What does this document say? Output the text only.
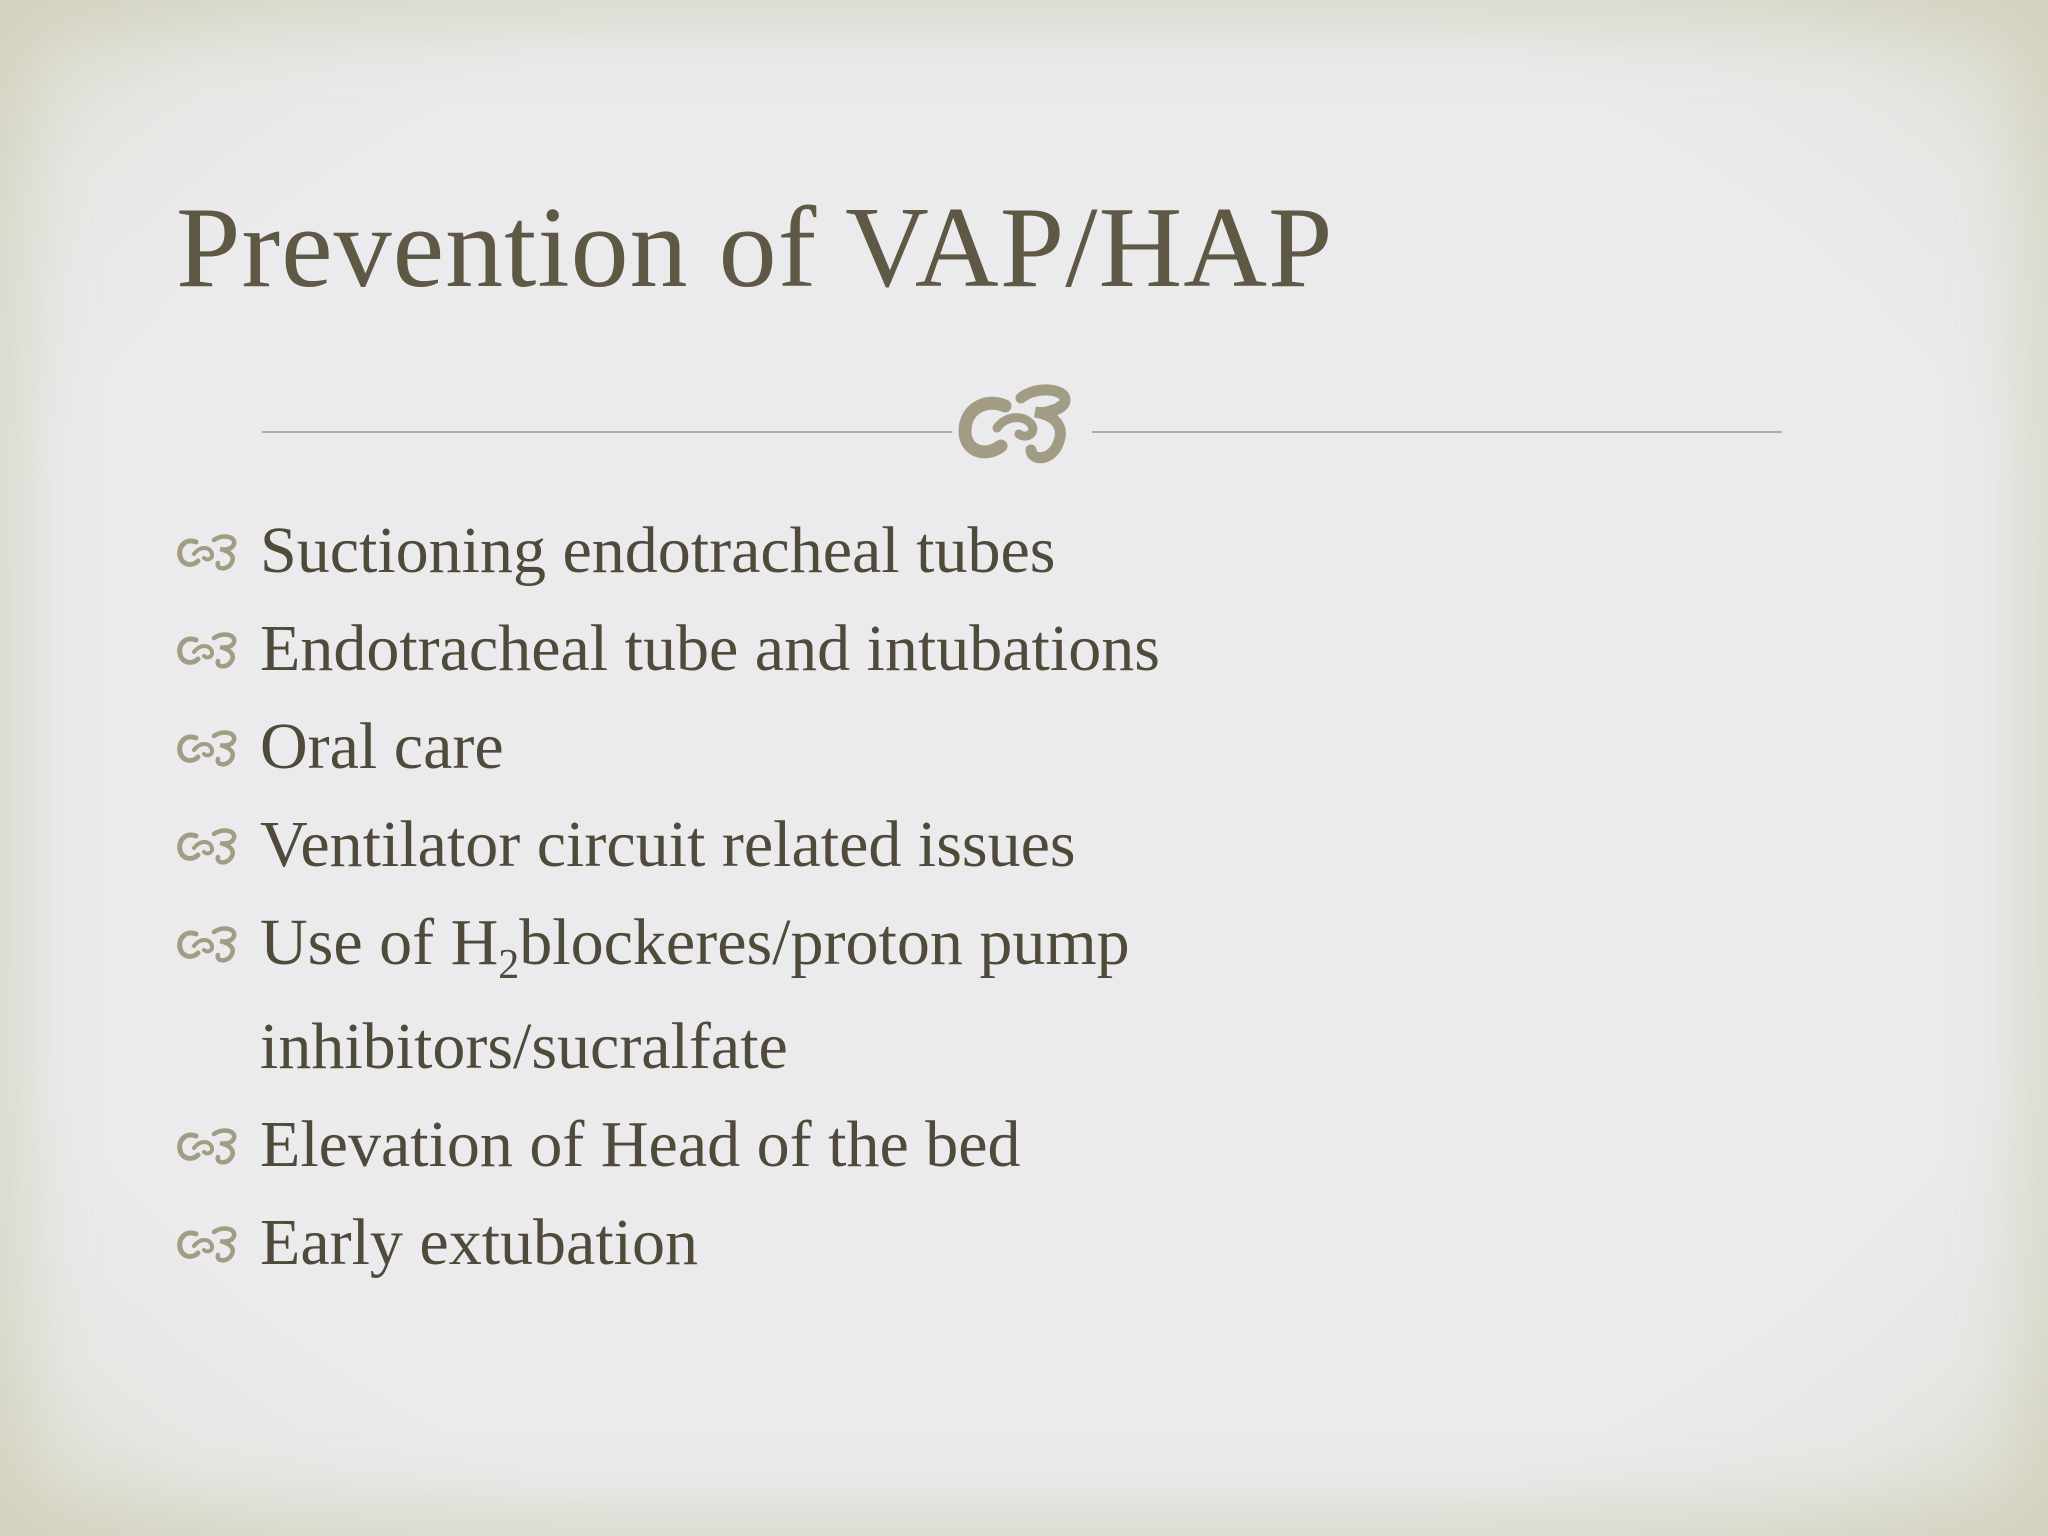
Prevention of VAP/HAP
Suctioning endotracheal tubes
Endotracheal tube and intubations
Oral care
Ventilator circuit related issues
Use of $H_2blockeres$/proton pump
inhibitors/sucralfate
Elevation of Head of the bed
Early extubation
